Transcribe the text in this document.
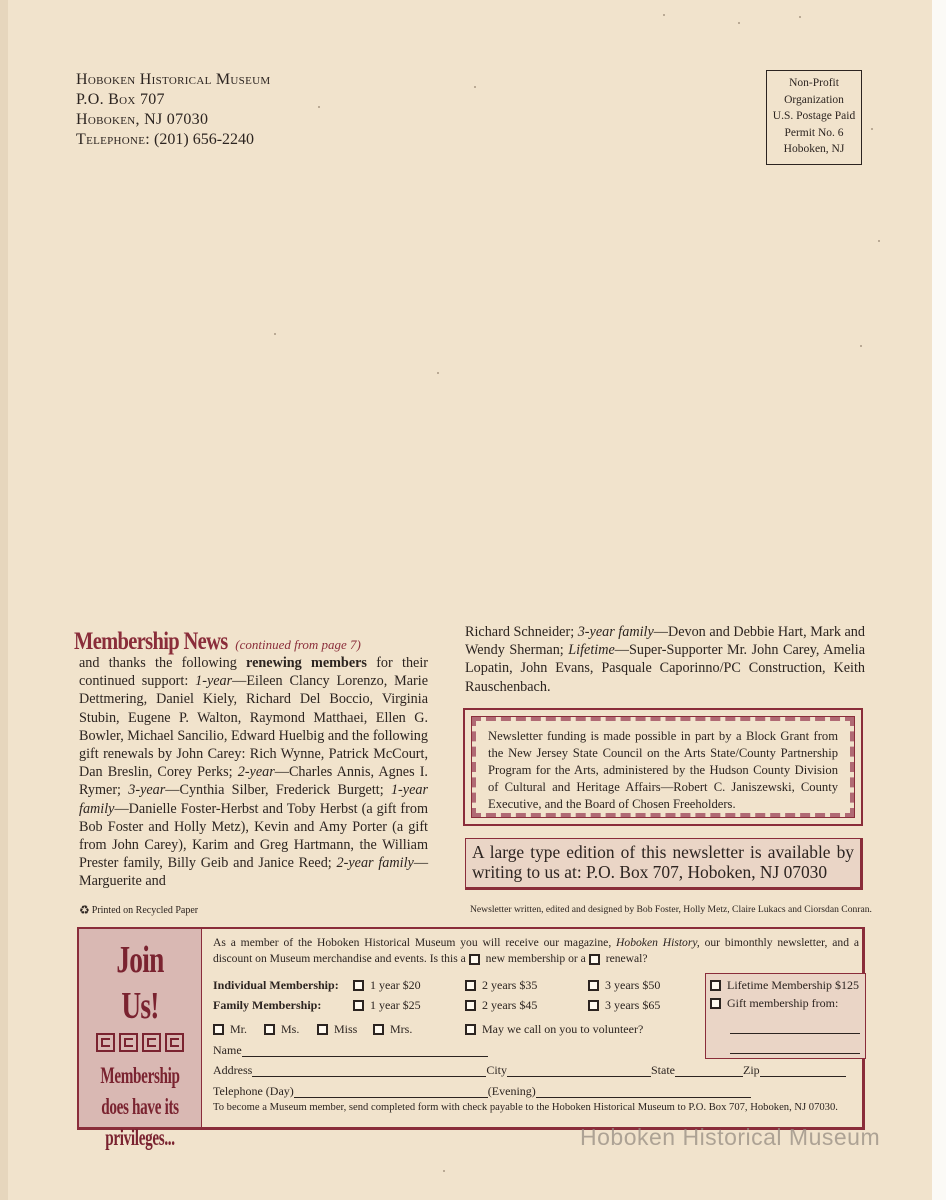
Hoboken Historical Museum
P.O. Box 707
Hoboken, NJ 07030
Telephone: (201) 656-2240
Non-Profit
Organization
U.S. Postage Paid
Permit No. 6
Hoboken, NJ
Membership News (continued from page 7)
and thanks the following renewing members for their continued support: 1-year—Eileen Clancy Lorenzo, Marie Dettmering, Daniel Kiely, Richard Del Boccio, Virginia Stubin, Eugene P. Walton, Raymond Matthaei, Ellen G. Bowler, Michael Sancilio, Edward Huelbig and the following gift renewals by John Carey: Rich Wynne, Patrick McCourt, Dan Breslin, Corey Perks; 2-year—Charles Annis, Agnes I. Rymer; 3-year—Cynthia Silber, Frederick Burgett; 1-year family—Danielle Foster-Herbst and Toby Herbst (a gift from Bob Foster and Holly Metz), Kevin and Amy Porter (a gift from John Carey), Karim and Greg Hartmann, the William Prester family, Billy Geib and Janice Reed; 2-year family—Marguerite and
Richard Schneider; 3-year family—Devon and Debbie Hart, Mark and Wendy Sherman; Lifetime—Super-Supporter Mr. John Carey, Amelia Lopatin, John Evans, Pasquale Caporinno/PC Construction, Keith Rauschenbach.
Newsletter funding is made possible in part by a Block Grant from the New Jersey State Council on the Arts State/County Partnership Program for the Arts, administered by the Hudson County Division of Cultural and Heritage Affairs—Robert C. Janiszewski, County Executive, and the Board of Chosen Freeholders.
A large type edition of this newsletter is available by writing to us at: P.O. Box 707, Hoboken, NJ 07030
♻ Printed on Recycled Paper	Newsletter written, edited and designed by Bob Foster, Holly Metz, Claire Lukacs and Ciorsdan Conran.
Join Us!
Membership
does have its
privileges...
As a member of the Hoboken Historical Museum you will receive our magazine, Hoboken History, our bimonthly newsletter, and a discount on Museum merchandise and events. Is this a new membership or a renewal?
Individual Membership:	1 year $20	2 years $35	3 years $50	Lifetime Membership $125
Family Membership:	1 year $25	2 years $45	3 years $65	Gift membership from:
Mr.	Ms.	Miss	Mrs.	May we call on you to volunteer?
Name
Address	City	State	Zip
Telephone (Day)	(Evening)
To become a Museum member, send completed form with check payable to the Hoboken Historical Museum to P.O. Box 707, Hoboken, NJ 07030.
Hoboken Historical Museum
